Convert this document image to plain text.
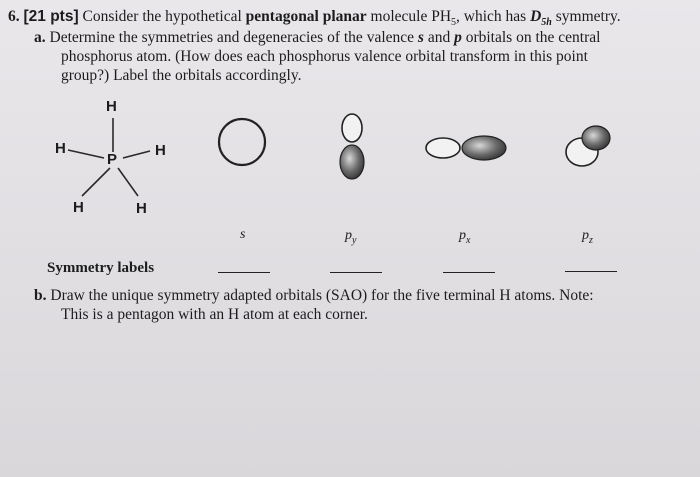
6. [21 pts] Consider the hypothetical pentagonal planar molecule $PH_5$, which has $D_{5h}$ symmetry.
a. Determine the symmetries and degeneracies of the valence s and p orbitals on the central
phosphorus atom. (How does each phosphorus valence orbital transform in this point
group?) Label the orbitals accordingly.
H
H
P
H
H	H
s	$p_y$	$p_x$	$p_z$
Symmetry labels
b. Draw the unique symmetry adapted orbitals (SAO) for the five terminal H atoms. Note:
This is a pentagon with an H atom at each corner.
